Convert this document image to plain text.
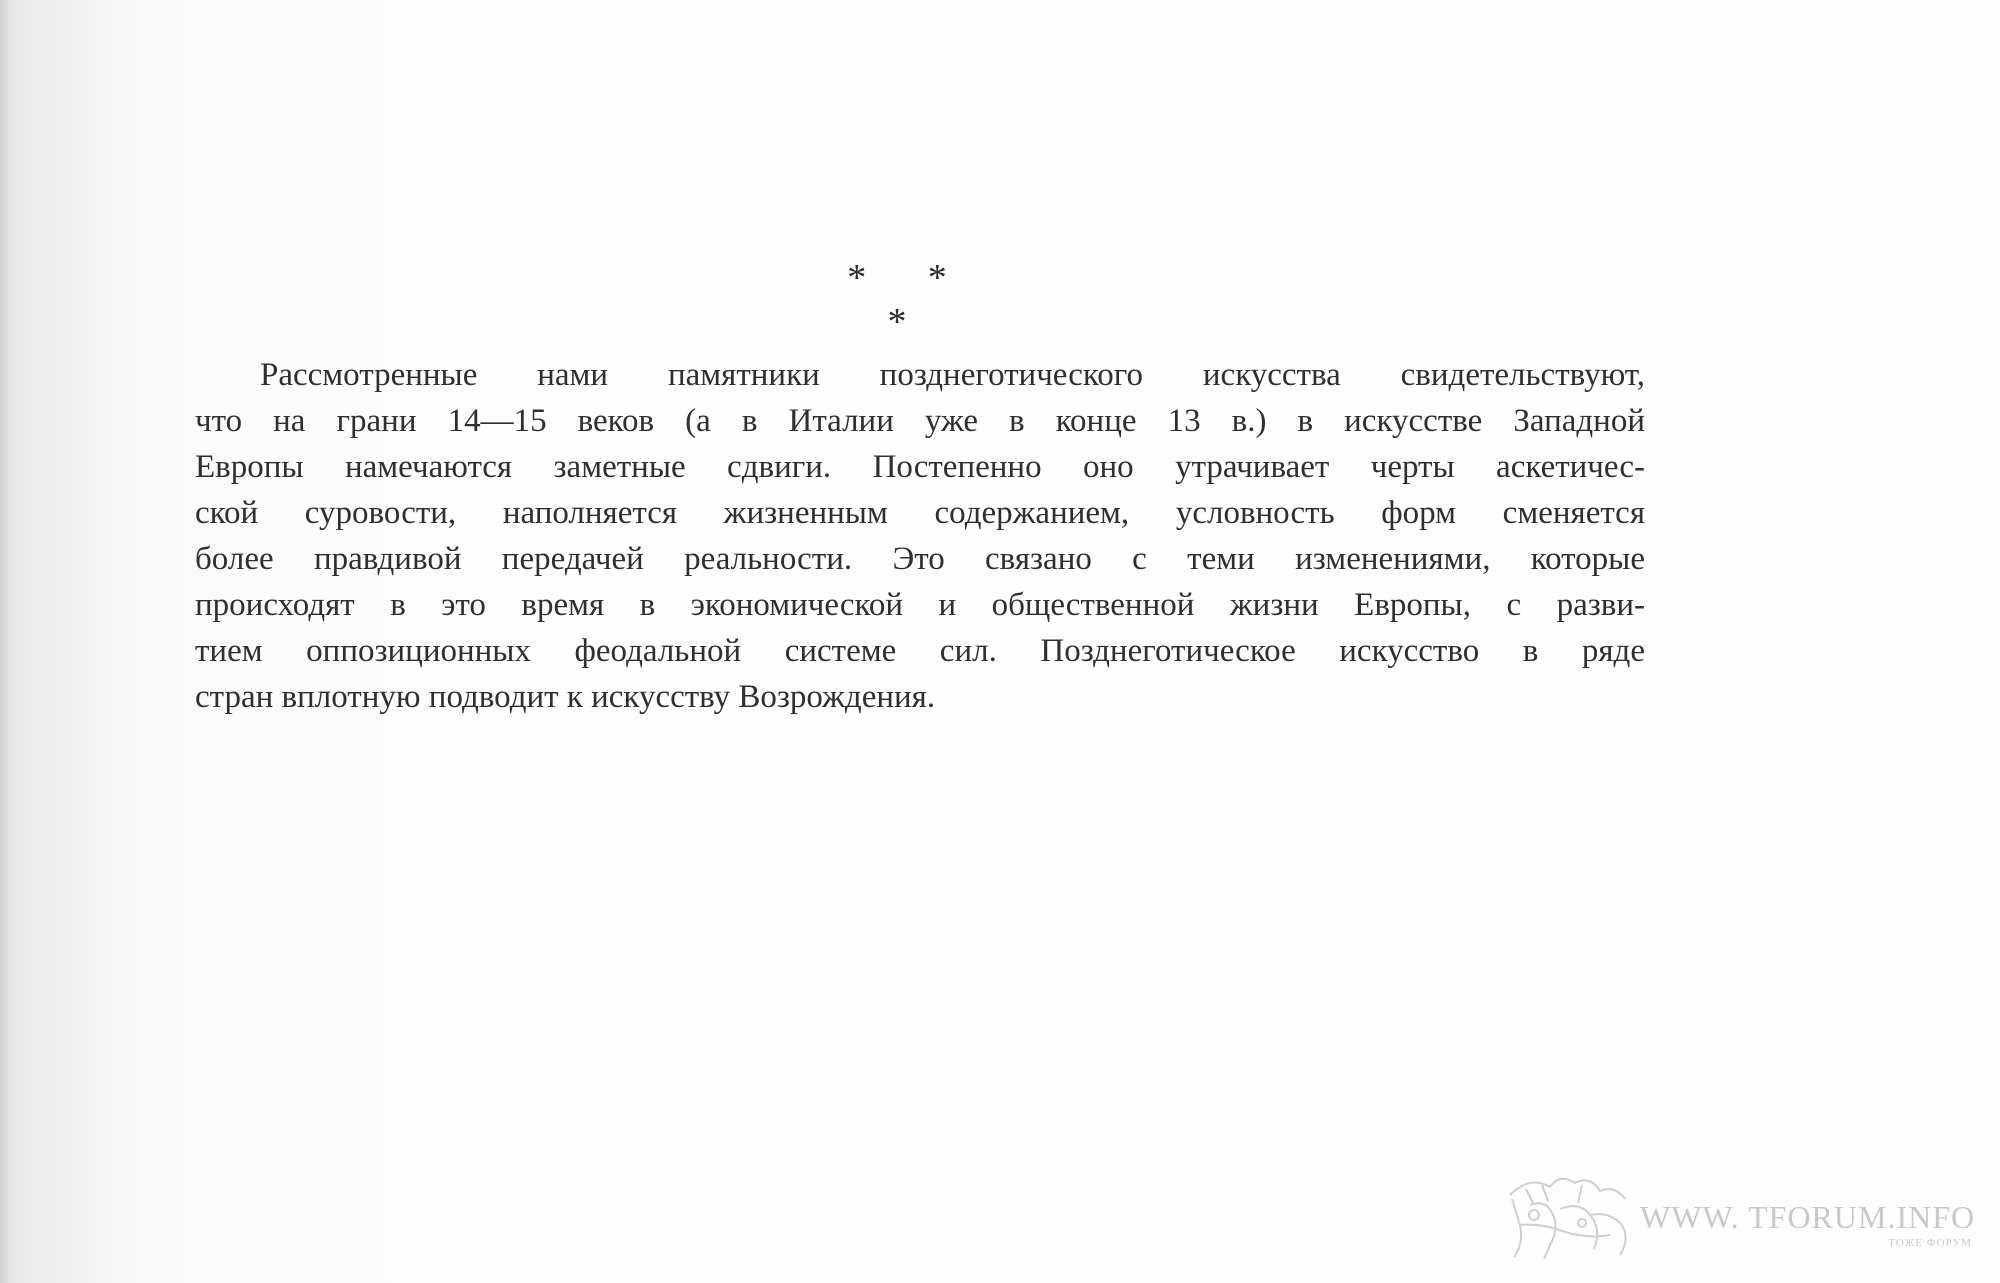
* * *
Рассмотренные нами памятники позднеготического искусства свидетельствуют,
что на грани 14—15 веков (а в Италии уже в конце 13 в.) в искусстве Западной
Европы намечаются заметные сдвиги. Постепенно оно утрачивает черты аскетичес-
ской суровости, наполняется жизненным содержанием, условность форм сменяется
более правдивой передачей реальности. Это связано с теми изменениями, которые
происходят в это время в экономической и общественной жизни Европы, с разви-
тием оппозиционных феодальной системе сил. Позднеготическое искусство в ряде
стран вплотную подводит к искусству Возрождения.
WWW. TFORUM.INFO
ТОЖЕ ФОРУМ
